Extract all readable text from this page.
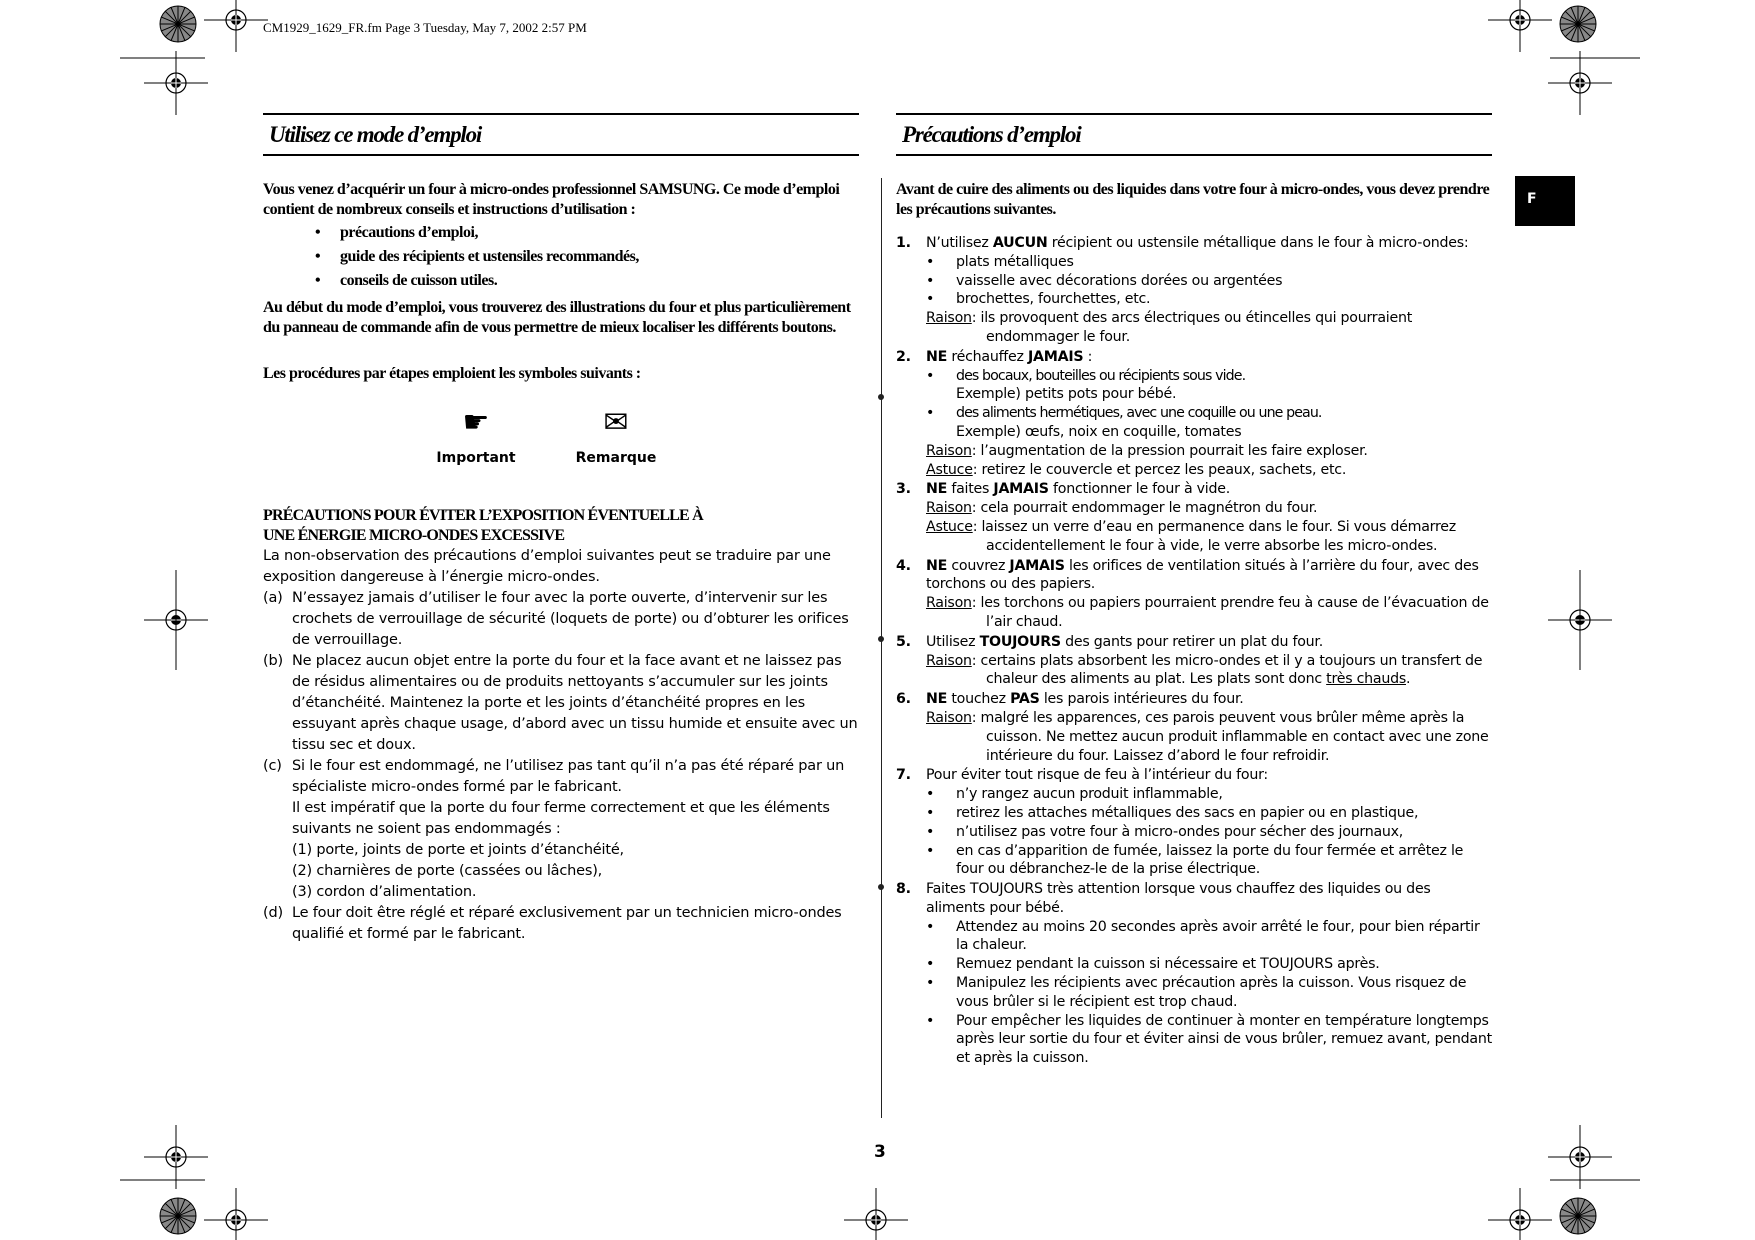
CM1929_1629_FR.fm Page 3 Tuesday, May 7, 2002 2:57 PM
F
Utilisez ce mode d’emploi
Vous venez d’acquérir un four à micro-ondes professionnel SAMSUNG. Ce mode d’emploi contient de nombreux conseils et instructions d’utilisation :
• précautions d’emploi,
• guide des récipients et ustensiles recommandés,
• conseils de cuisson utiles.
Au début du mode d’emploi, vous trouverez des illustrations du four et plus particulièrement du panneau de commande afin de vous permettre de mieux localiser les différents boutons.
Les procédures par étapes emploient les symboles suivants :
☛
Important
✉
Remarque
PRÉCAUTIONS POUR ÉVITER L’EXPOSITION ÉVENTUELLE À
UNE ÉNERGIE MICRO-ONDES EXCESSIVE
La non-observation des précautions d’emploi suivantes peut se traduire par une exposition dangereuse à l’énergie micro-ondes.
(a) N’essayez jamais d’utiliser le four avec la porte ouverte, d’intervenir sur les crochets de verrouillage de sécurité (loquets de porte) ou d’obturer les orifices de verrouillage.
(b) Ne placez aucun objet entre la porte du four et la face avant et ne laissez pas de résidus alimentaires ou de produits nettoyants s’accumuler sur les joints d’étanchéité. Maintenez la porte et les joints d’étanchéité propres en les essuyant après chaque usage, d’abord avec un tissu humide et ensuite avec un tissu sec et doux.
(c) Si le four est endommagé, ne l’utilisez pas tant qu’il n’a pas été réparé par un spécialiste micro-ondes formé par le fabricant.
Il est impératif que la porte du four ferme correctement et que les éléments suivants ne soient pas endommagés :
(1) porte, joints de porte et joints d’étanchéité,
(2) charnières de porte (cassées ou lâches),
(3) cordon d’alimentation.
(d) Le four doit être réglé et réparé exclusivement par un technicien micro-ondes qualifié et formé par le fabricant.
Précautions d’emploi
Avant de cuire des aliments ou des liquides dans votre four à micro-ondes, vous devez prendre les précautions suivantes.
1. N’utilisez AUCUN récipient ou ustensile métallique dans le four à micro-ondes:
• plats métalliques
• vaisselle avec décorations dorées ou argentées
• brochettes, fourchettes, etc.
Raison: ils provoquent des arcs électriques ou étincelles qui pourraient endommager le four.
2. NE réchauffez JAMAIS :
• des bocaux, bouteilles ou récipients sous vide.
Exemple) petits pots pour bébé.
• des aliments hermétiques, avec une coquille ou une peau.
Exemple) œufs, noix en coquille, tomates
Raison: l’augmentation de la pression pourrait les faire exploser.
Astuce: retirez le couvercle et percez les peaux, sachets, etc.
3. NE faites JAMAIS fonctionner le four à vide.
Raison: cela pourrait endommager le magnétron du four.
Astuce: laissez un verre d’eau en permanence dans le four. Si vous démarrez accidentellement le four à vide, le verre absorbe les micro-ondes.
4. NE couvrez JAMAIS les orifices de ventilation situés à l’arrière du four, avec des torchons ou des papiers.
Raison: les torchons ou papiers pourraient prendre feu à cause de l’évacuation de l’air chaud.
5. Utilisez TOUJOURS des gants pour retirer un plat du four.
Raison: certains plats absorbent les micro-ondes et il y a toujours un transfert de chaleur des aliments au plat. Les plats sont donc très chauds.
6. NE touchez PAS les parois intérieures du four.
Raison: malgré les apparences, ces parois peuvent vous brûler même après la cuisson. Ne mettez aucun produit inflammable en contact avec une zone intérieure du four. Laissez d’abord le four refroidir.
7. Pour éviter tout risque de feu à l’intérieur du four:
• n’y rangez aucun produit inflammable,
• retirez les attaches métalliques des sacs en papier ou en plastique,
• n’utilisez pas votre four à micro-ondes pour sécher des journaux,
• en cas d’apparition de fumée, laissez la porte du four fermée et arrêtez le four ou débranchez-le de la prise électrique.
8. Faites TOUJOURS très attention lorsque vous chauffez des liquides ou des aliments pour bébé.
• Attendez au moins 20 secondes après avoir arrêté le four, pour bien répartir la chaleur.
• Remuez pendant la cuisson si nécessaire et TOUJOURS après.
• Manipulez les récipients avec précaution après la cuisson. Vous risquez de vous brûler si le récipient est trop chaud.
• Pour empêcher les liquides de continuer à monter en température longtemps après leur sortie du four et éviter ainsi de vous brûler, remuez avant, pendant et après la cuisson.
3
